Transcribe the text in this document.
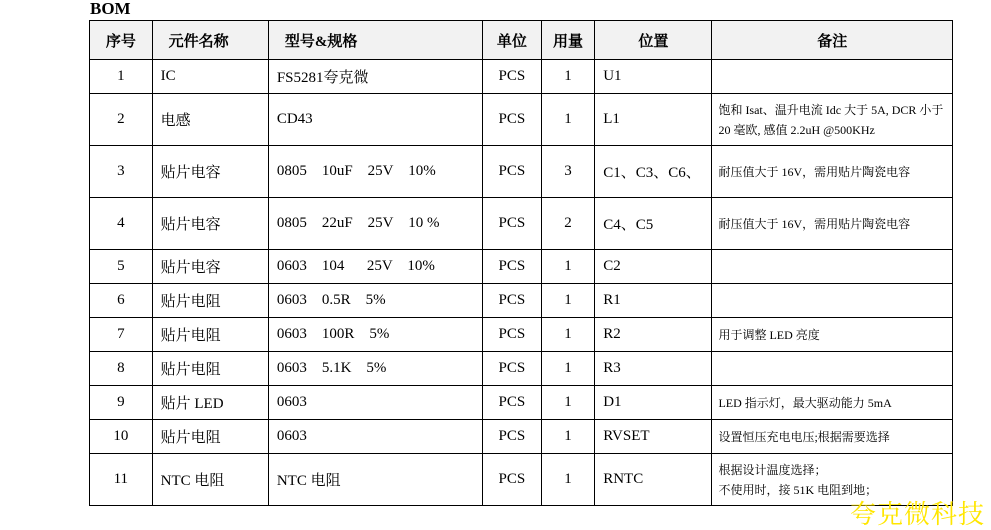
BOM
序号	元件名称	型号&规格	单位	用量	位置	备注
1	IC	FS5281夸克微	PCS	1	U1	
2	电感	CD43	PCS	1	L1	饱和 Isat、温升电流 Idc 大于 5A, DCR 小于 20 毫欧, 感值 2.2uH @500KHz
3	贴片电容	0805    10uF    25V    10%	PCS	3	C1、C3、C6、	耐压值大于 16V，需用贴片陶瓷电容
4	贴片电容	0805    22uF    25V    10 %	PCS	2	C4、C5	耐压值大于 16V，需用贴片陶瓷电容
5	贴片电容	0603    104      25V    10%	PCS	1	C2	
6	贴片电阻	0603    0.5R    5%	PCS	1	R1	
7	贴片电阻	0603    100R    5%	PCS	1	R2	用于调整 LED 亮度
8	贴片电阻	0603    5.1K    5%	PCS	1	R3	
9	贴片 LED	0603	PCS	1	D1	LED 指示灯，最大驱动能力 5mA
10	贴片电阻	0603	PCS	1	RVSET	设置恒压充电电压;根据需要选择
11	NTC 电阻	NTC 电阻	PCS	1	RNTC	根据设计温度选择；
不使用时，接 51K 电阻到地；
夸克微科技
